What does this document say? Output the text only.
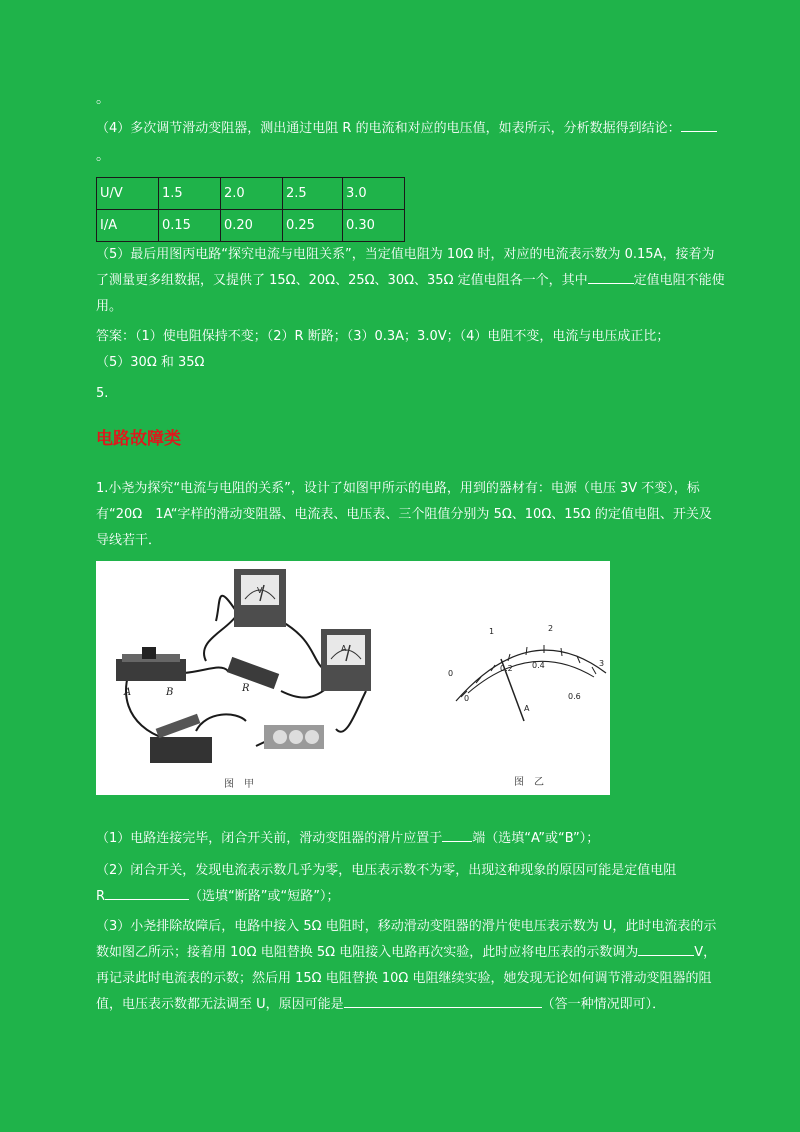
。

（4）多次调节滑动变阻器，测出通过电阻 R 的电流和对应的电压值，如表所示，分析数据得到结论：

。
U/V	1.5	2.0	2.5	3.0
I/A	0.15	0.20	0.25	0.30
（5）最后用图丙电路“探究电流与电阻关系”，当定值电阻为 10Ω 时，对应的电流表示数为 0.15A，接着为
了测量更多组数据，又提供了 15Ω、20Ω、25Ω、30Ω、35Ω 定值电阻各一个，其中	定值电阻不能使
用。
答案：（1）使电阻保持不变；（2）R 断路；（3）0.3A；3.0V；（4）电阻不变，电流与电压成正比；
（5）30Ω 和 35Ω
5.
电路故障类
1.小尧为探究“电流与电阻的关系”，设计了如图甲所示的电路，用到的器材有：电源（电压 3V 不变），标
有“20Ω　1A“字样的滑动变阻器、电流表、电压表、三个阻值分别为 5Ω、10Ω、15Ω 的定值电阻、开关及
导线若干．
V
A
A	B	R
图　甲
0
1	2
3
0
0.2 0.4
0.6
A
图　乙
（1）电路连接完毕，闭合开关前，滑动变阻器的滑片应置于 端（选填“A”或“B”）；
（2）闭合开关，发现电流表示数几乎为零，电压表示数不为零，出现这种现象的原因可能是定值电阻
R	（选填“断路”或“短路”）；
（3）小尧排除故障后，电路中接入 5Ω 电阻时，移动滑动变阻器的滑片使电压表示数为 U，此时电流表的示
数如图乙所示；接着用 10Ω 电阻替换 5Ω 电阻接入电路再次实验，此时应将电压表的示数调为	V，
再记录此时电流表的示数；然后用 15Ω 电阻替换 10Ω 电阻继续实验，她发现无论如何调节滑动变阻器的阻
值，电压表示数都无法调至 U，原因可能是	（答一种情况即可）．
